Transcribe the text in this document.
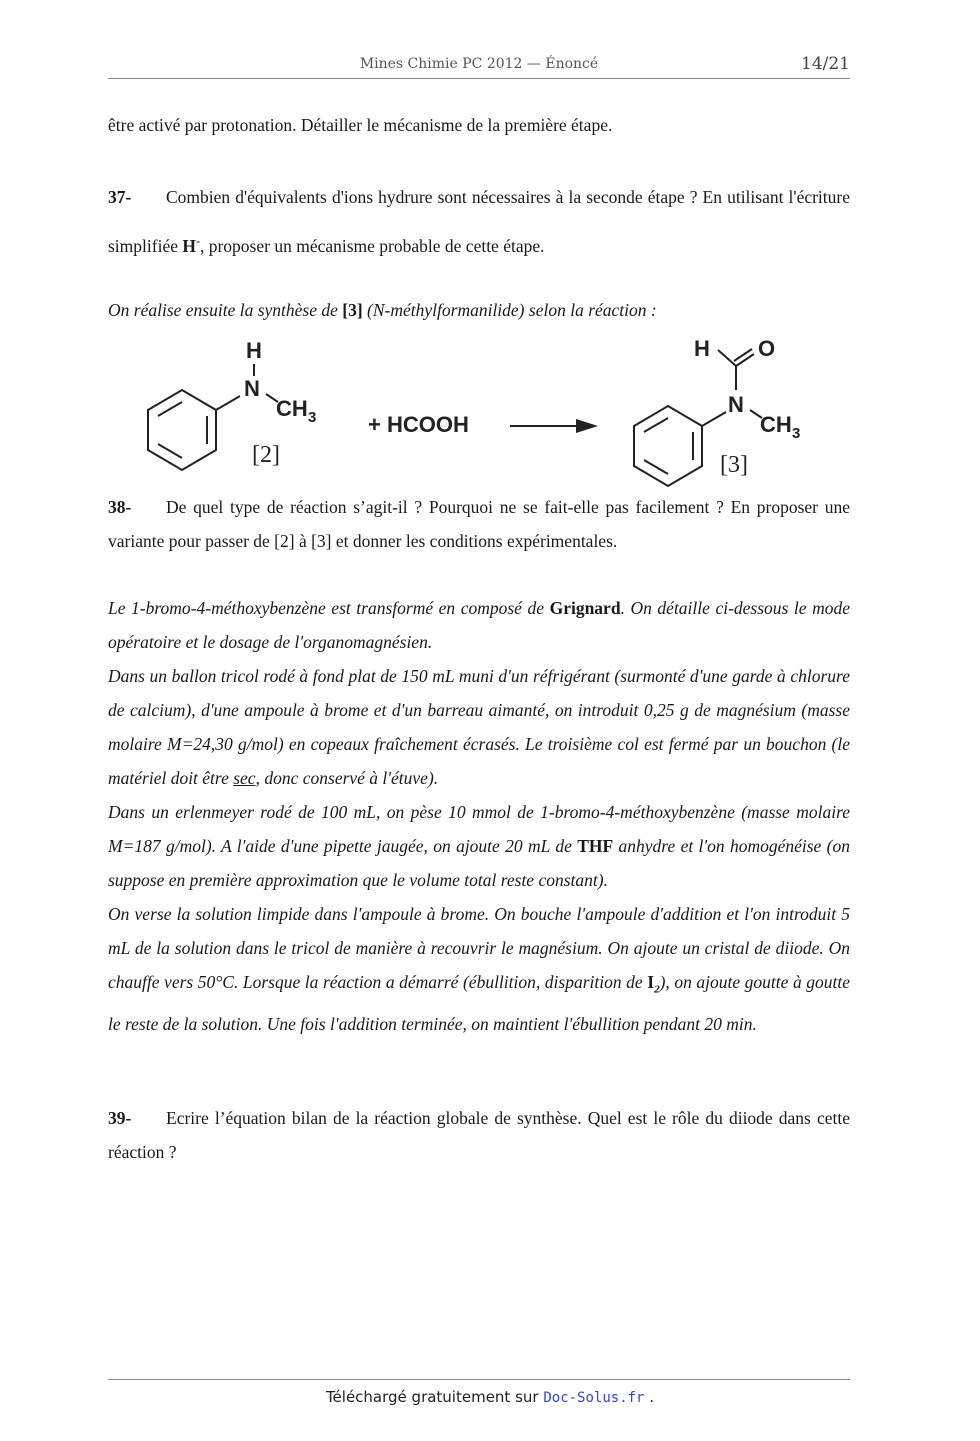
Mines Chimie PC 2012 — Énoncé	14/21
être activé par protonation. Détailler le mécanisme de la première étape.
37- Combien d'équivalents d'ions hydrure sont nécessaires à la seconde étape ? En utilisant l'écriture simplifiée H-, proposer un mécanisme probable de cette étape.
On réalise ensuite la synthèse de [3] (N-méthylformanilide) selon la réaction :
H
N
CH 3
[2]
+ HCOOH
H O
N
CH 3
[3]
38- De quel type de réaction s’agit-il ? Pourquoi ne se fait-elle pas facilement ? En proposer une variante pour passer de [2] à [3] et donner les conditions expérimentales.
Le 1-bromo-4-méthoxybenzène est transformé en composé de Grignard. On détaille ci-dessous le mode opératoire et le dosage de l'organomagnésien.
Dans un ballon tricol rodé à fond plat de 150 mL muni d'un réfrigérant (surmonté d'une garde à chlorure de calcium), d'une ampoule à brome et d'un barreau aimanté, on introduit 0,25 g de magnésium (masse molaire M=24,30 g/mol) en copeaux fraîchement écrasés. Le troisième col est fermé par un bouchon (le matériel doit être sec, donc conservé à l'étuve).
Dans un erlenmeyer rodé de 100 mL, on pèse 10 mmol de 1-bromo-4-méthoxybenzène (masse molaire M=187 g/mol). A l'aide d'une pipette jaugée, on ajoute 20 mL de THF anhydre et l'on homogénéise (on suppose en première approximation que le volume total reste constant).
On verse la solution limpide dans l'ampoule à brome. On bouche l'ampoule d'addition et l'on introduit 5 mL de la solution dans le tricol de manière à recouvrir le magnésium. On ajoute un cristal de diiode. On chauffe vers 50°C. Lorsque la réaction a démarré (ébullition, disparition de $I_2$), on ajoute goutte à goutte le reste de la solution. Une fois l'addition terminée, on maintient l'ébullition pendant 20 min.
39- Ecrire l’équation bilan de la réaction globale de synthèse. Quel est le rôle du diiode dans cette réaction ?
Téléchargé gratuitement sur Doc-Solus.fr .
